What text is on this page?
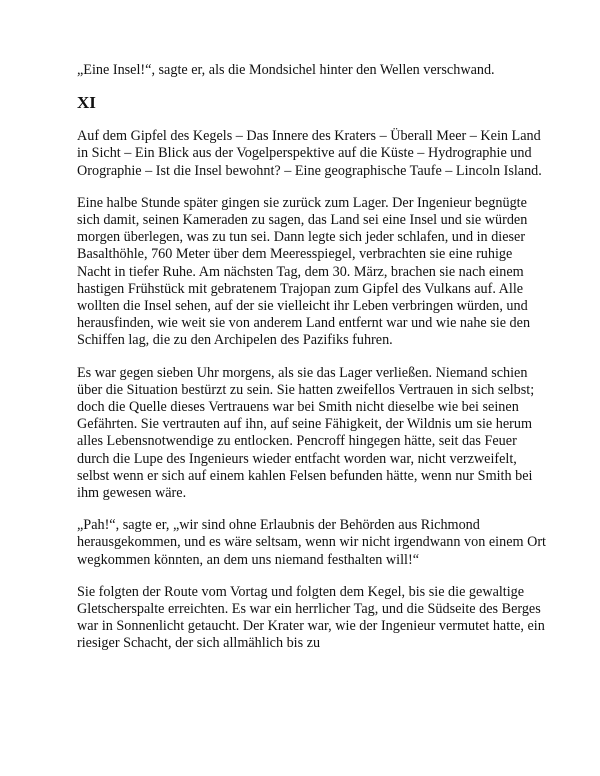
„Eine Insel!“, sagte er, als die Mondsichel hinter den Wellen verschwand.

XI

Auf dem Gipfel des Kegels – Das Innere des Kraters – Überall Meer – Kein Land in Sicht – Ein Blick aus der Vogelperspektive auf die Küste – Hydrographie und Orographie – Ist die Insel bewohnt? – Eine geographische Taufe – Lincoln Island.

Eine halbe Stunde später gingen sie zurück zum Lager. Der Ingenieur begnügte sich damit, seinen Kameraden zu sagen, das Land sei eine Insel und sie würden morgen überlegen, was zu tun sei. Dann legte sich jeder schlafen, und in dieser Basalthöhle, 760 Meter über dem Meeresspiegel, verbrachten sie eine ruhige Nacht in tiefer Ruhe. Am nächsten Tag, dem 30. März, brachen sie nach einem hastigen Frühstück mit gebratenem Trajopan zum Gipfel des Vulkans auf. Alle wollten die Insel sehen, auf der sie vielleicht ihr Leben verbringen würden, und herausfinden, wie weit sie von anderem Land entfernt war und wie nahe sie den Schiffen lag, die zu den Archipelen des Pazifiks fuhren.

Es war gegen sieben Uhr morgens, als sie das Lager verließen. Niemand schien über die Situation bestürzt zu sein. Sie hatten zweifellos Vertrauen in sich selbst; doch die Quelle dieses Vertrauens war bei Smith nicht dieselbe wie bei seinen Gefährten. Sie vertrauten auf ihn, auf seine Fähigkeit, der Wildnis um sie herum alles Lebensnotwendige zu entlocken. Pencroff hingegen hätte, seit das Feuer durch die Lupe des Ingenieurs wieder entfacht worden war, nicht verzweifelt, selbst wenn er sich auf einem kahlen Felsen befunden hätte, wenn nur Smith bei ihm gewesen wäre.

„Pah!“, sagte er, „wir sind ohne Erlaubnis der Behörden aus Richmond herausgekommen, und es wäre seltsam, wenn wir nicht irgendwann von einem Ort wegkommen könnten, an dem uns niemand festhalten will!“

Sie folgten der Route vom Vortag und folgten dem Kegel, bis sie die gewaltige Gletscherspalte erreichten. Es war ein herrlicher Tag, und die Südseite des Berges war in Sonnenlicht getaucht. Der Krater war, wie der Ingenieur vermutet hatte, ein riesiger Schacht, der sich allmählich bis zu
